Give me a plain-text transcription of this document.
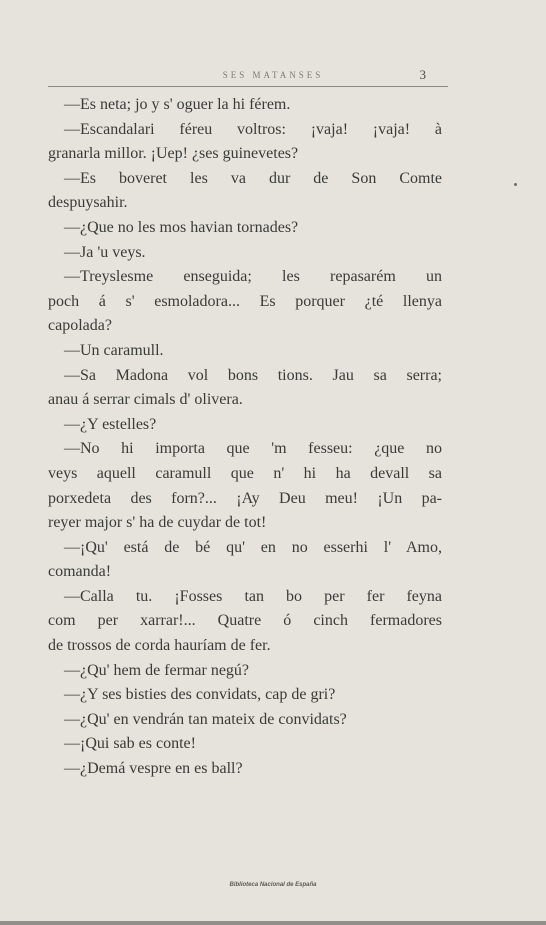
SES MATANSES	3
—Es neta; jo y s' oguer la hi férem.
—Escandalari féreu voltros: ¡vaja! ¡vaja! à
granarla millor. ¡Uep! ¿ses guinevetes?
—Es boveret les va dur de Son Comte
despuysahir.
—¿Que no les mos havian tornades?
—Ja 'u veys.
—Treyslesme enseguida; les repasarém un
poch á s' esmoladora... Es porquer ¿té llenya
capolada?
—Un caramull.
—Sa Madona vol bons tions. Jau sa serra;
anau á serrar cimals d' olivera.
—¿Y estelles?
—No hi importa que 'm fesseu: ¿que no
veys aquell caramull que n' hi ha devall sa
porxedeta des forn?... ¡Ay Deu meu! ¡Un pa-
reyer major s' ha de cuydar de tot!
—¡Qu' está de bé qu' en no esserhi l' Amo,
comanda!
—Calla tu. ¡Fosses tan bo per fer feyna
com per xarrar!... Quatre ó cinch fermadores
de trossos de corda hauríam de fer.
—¿Qu' hem de fermar negú?
—¿Y ses bisties des convidats, cap de gri?
—¿Qu' en vendrán tan mateix de convidats?
—¡Qui sab es conte!
—¿Demá vespre en es ball?
Biblioteca Nacional de España
